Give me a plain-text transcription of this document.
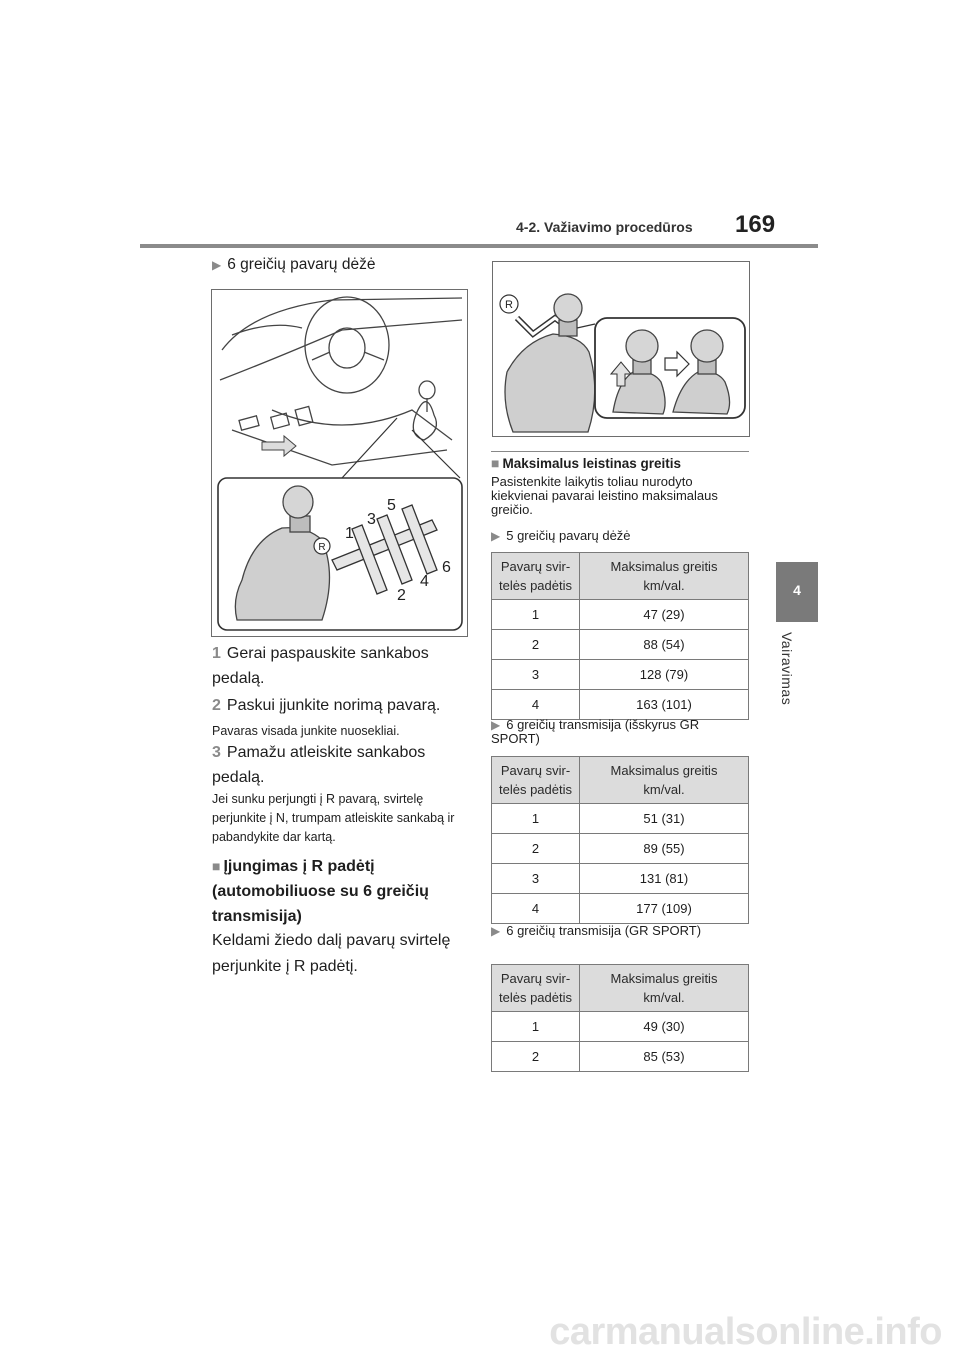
4-2. Važiavimo procedūros 169
4
Vairavimas
▶ 6 greičių pavarų dėžė
R
1
3
5
2
4
6
1 Gerai paspauskite sankabos pedalą.
2 Paskui įjunkite norimą pavarą.
Pavaras visada junkite nuosekliai.
3 Pamažu atleiskite sankabos pedalą.
Jei sunku perjungti į R pavarą, svirtelę perjunkite į N, trumpam atleiskite sankabą ir pabandykite dar kartą.
■ Įjungimas į R padėtį (automobiliuose su 6 greičių transmisija)
Keldami žiedo dalį pavarų svirtelę perjunkite į R padėtį.
R
■ Maksimalus leistinas greitis
Pasistenkite laikytis toliau nurodyto kiekvienai pavarai leistino maksimalaus greičio.
▶ 5 greičių pavarų dėžė
Pavarų svir-telės padėtis	Maksimalus greitis
km/val.
1	47 (29)
2	88 (54)
3	128 (79)
4	163 (101)
▶ 6 greičių transmisija (išskyrus GR SPORT)
Pavarų svir-telės padėtis	Maksimalus greitis
km/val.
1	51 (31)
2	89 (55)
3	131 (81)
4	177 (109)
▶ 6 greičių transmisija (GR SPORT)
Pavarų svir-telės padėtis	Maksimalus greitis
km/val.
1	49 (30)
2	85 (53)
carmanualsonline.info
